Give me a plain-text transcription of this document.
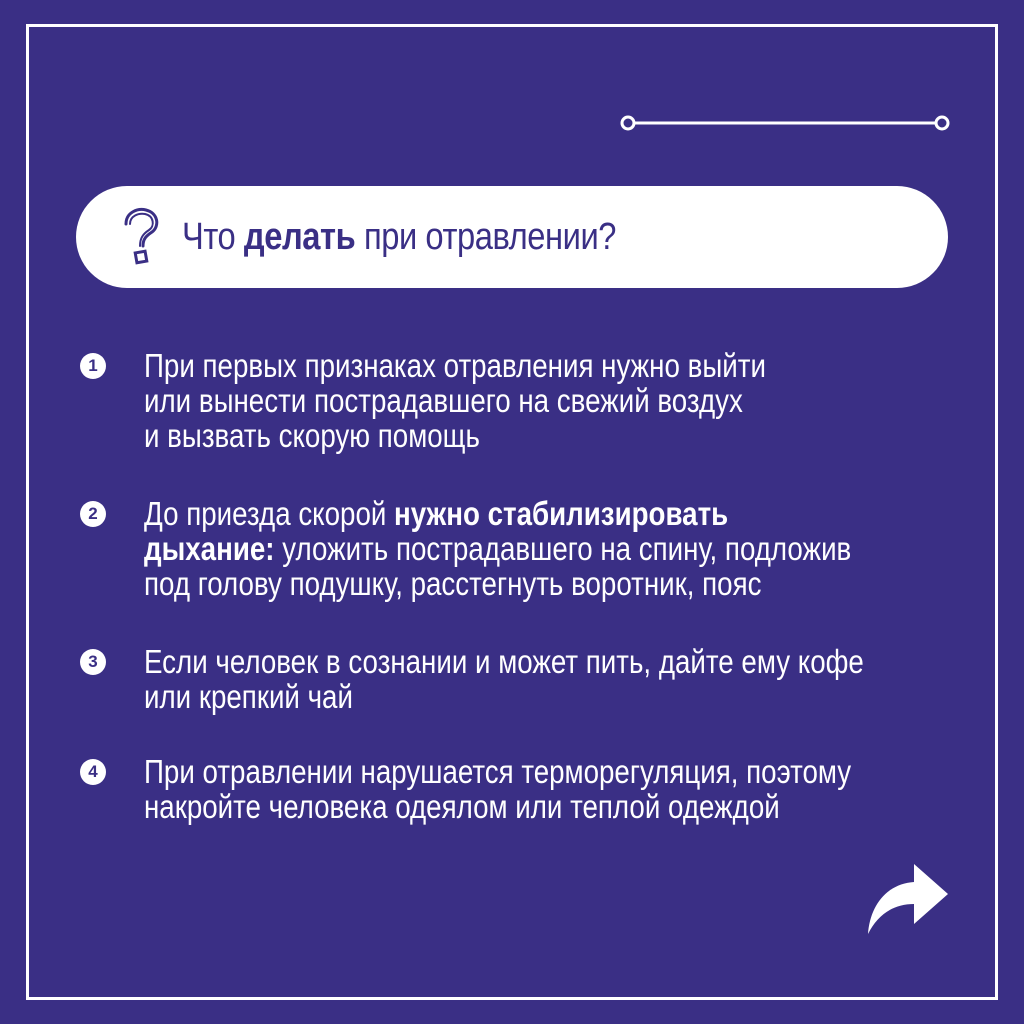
Что делать при отравлении?
1 При первых признаках отравления нужно выйти
или вынести пострадавшего на свежий воздух
и вызвать скорую помощь
2 До приезда скорой нужно стабилизировать
дыхание: уложить пострадавшего на спину, подложив
под голову подушку, расстегнуть воротник, пояс
3 Если человек в сознании и может пить, дайте ему кофе
или крепкий чай
4 При отравлении нарушается терморегуляция, поэтому
накройте человека одеялом или теплой одеждой
